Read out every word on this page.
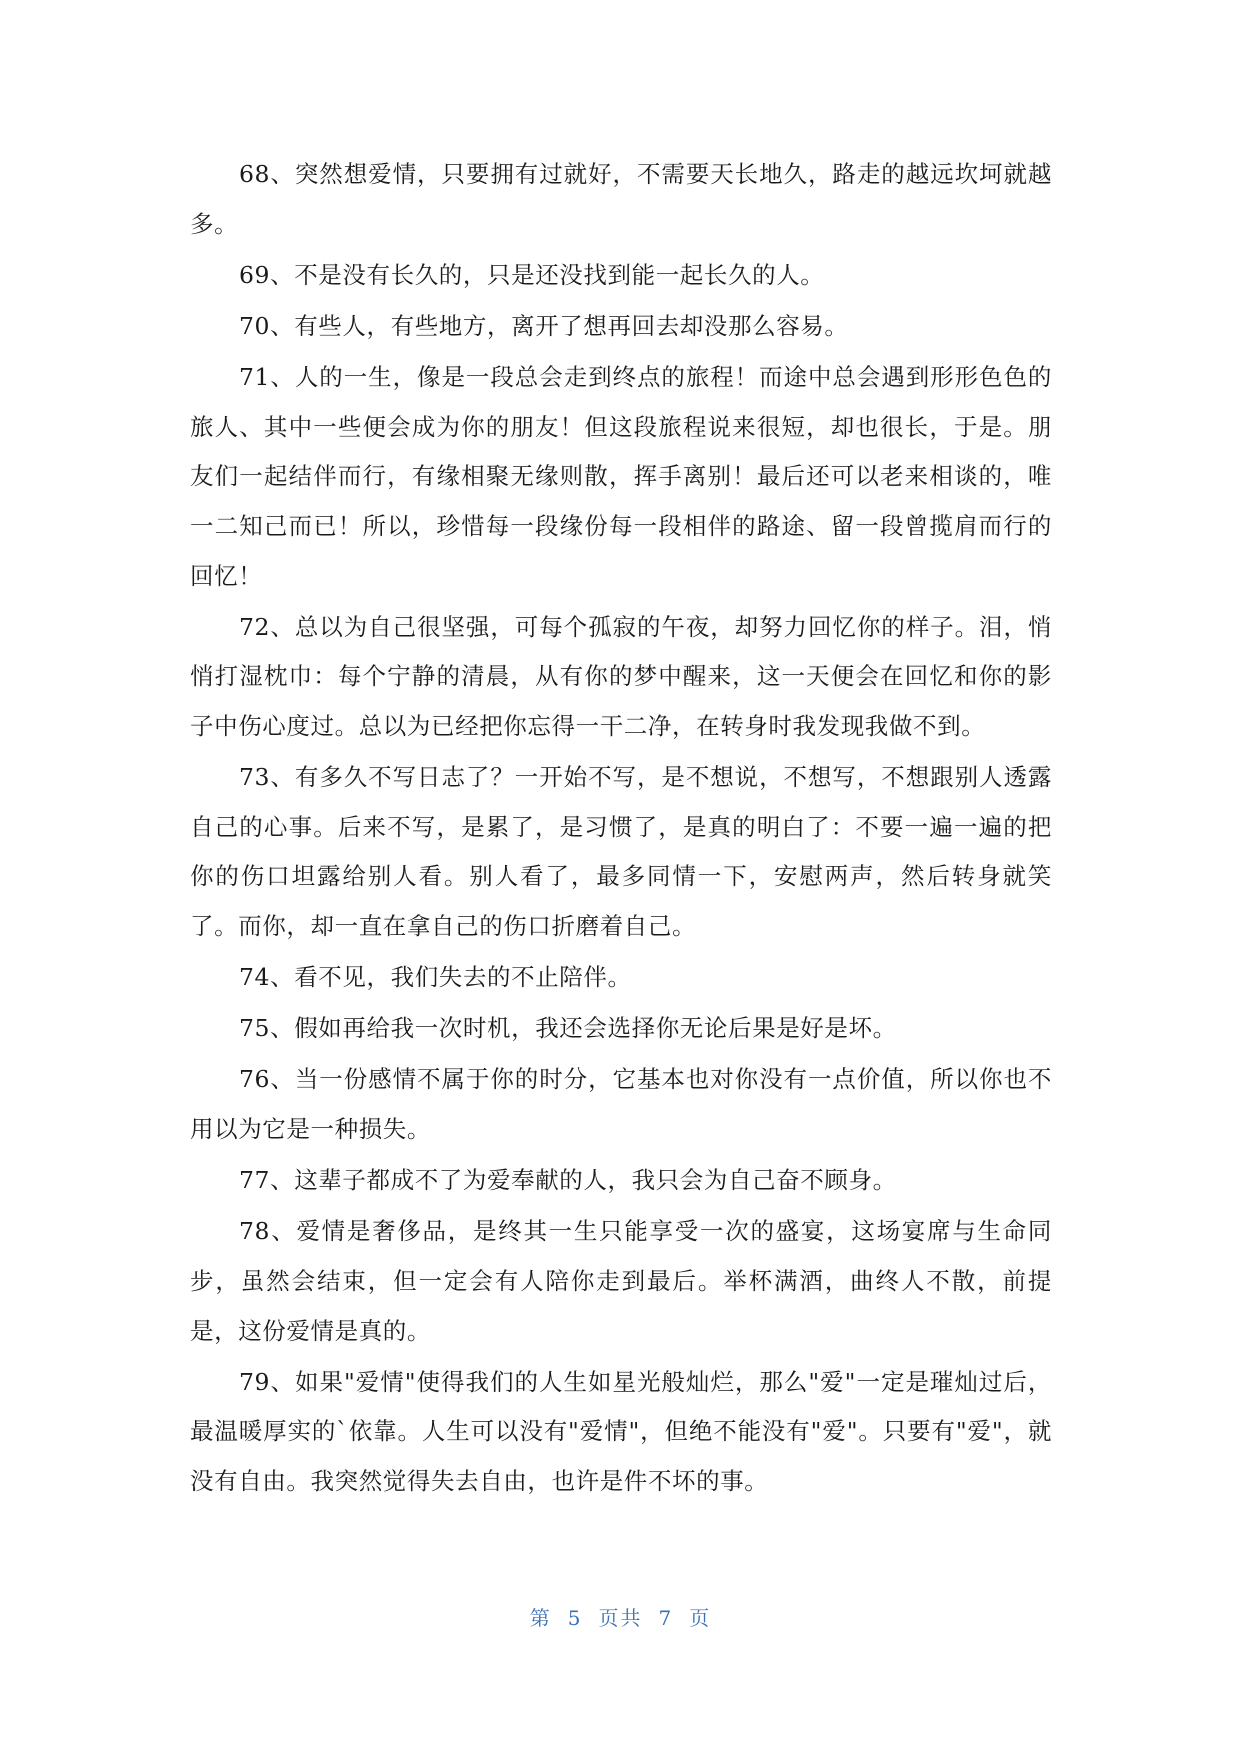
68、突然想爱情，只要拥有过就好，不需要天长地久，路走的越远坎坷就越多。

69、不是没有长久的，只是还没找到能一起长久的人。

70、有些人，有些地方，离开了想再回去却没那么容易。

71、人的一生，像是一段总会走到终点的旅程！而途中总会遇到形形色色的旅人、其中一些便会成为你的朋友！但这段旅程说来很短，却也很长，于是。朋友们一起结伴而行，有缘相聚无缘则散，挥手离别！最后还可以老来相谈的，唯一二知己而已！所以，珍惜每一段缘份每一段相伴的路途、留一段曾揽肩而行的回忆！

72、总以为自己很坚强，可每个孤寂的午夜，却努力回忆你的样子。泪，悄悄打湿枕巾：每个宁静的清晨，从有你的梦中醒来，这一天便会在回忆和你的影子中伤心度过。总以为已经把你忘得一干二净，在转身时我发现我做不到。

73、有多久不写日志了？一开始不写，是不想说，不想写，不想跟别人透露自己的心事。后来不写，是累了，是习惯了，是真的明白了：不要一遍一遍的把你的伤口坦露给别人看。别人看了，最多同情一下，安慰两声，然后转身就笑了。而你，却一直在拿自己的伤口折磨着自己。

74、看不见，我们失去的不止陪伴。

75、假如再给我一次时机，我还会选择你无论后果是好是坏。

76、当一份感情不属于你的时分，它基本也对你没有一点价值，所以你也不用以为它是一种损失。

77、这辈子都成不了为爱奉献的人，我只会为自己奋不顾身。

78、爱情是奢侈品，是终其一生只能享受一次的盛宴，这场宴席与生命同步，虽然会结束，但一定会有人陪你走到最后。举杯满酒，曲终人不散，前提是，这份爱情是真的。

79、如果"爱情"使得我们的人生如星光般灿烂，那么"爱"一定是璀灿过后，最温暖厚实的`依靠。人生可以没有"爱情"，但绝不能没有"爱"。只要有"爱"，就没有自由。我突然觉得失去自由，也许是件不坏的事。

第 5 页共 7 页
